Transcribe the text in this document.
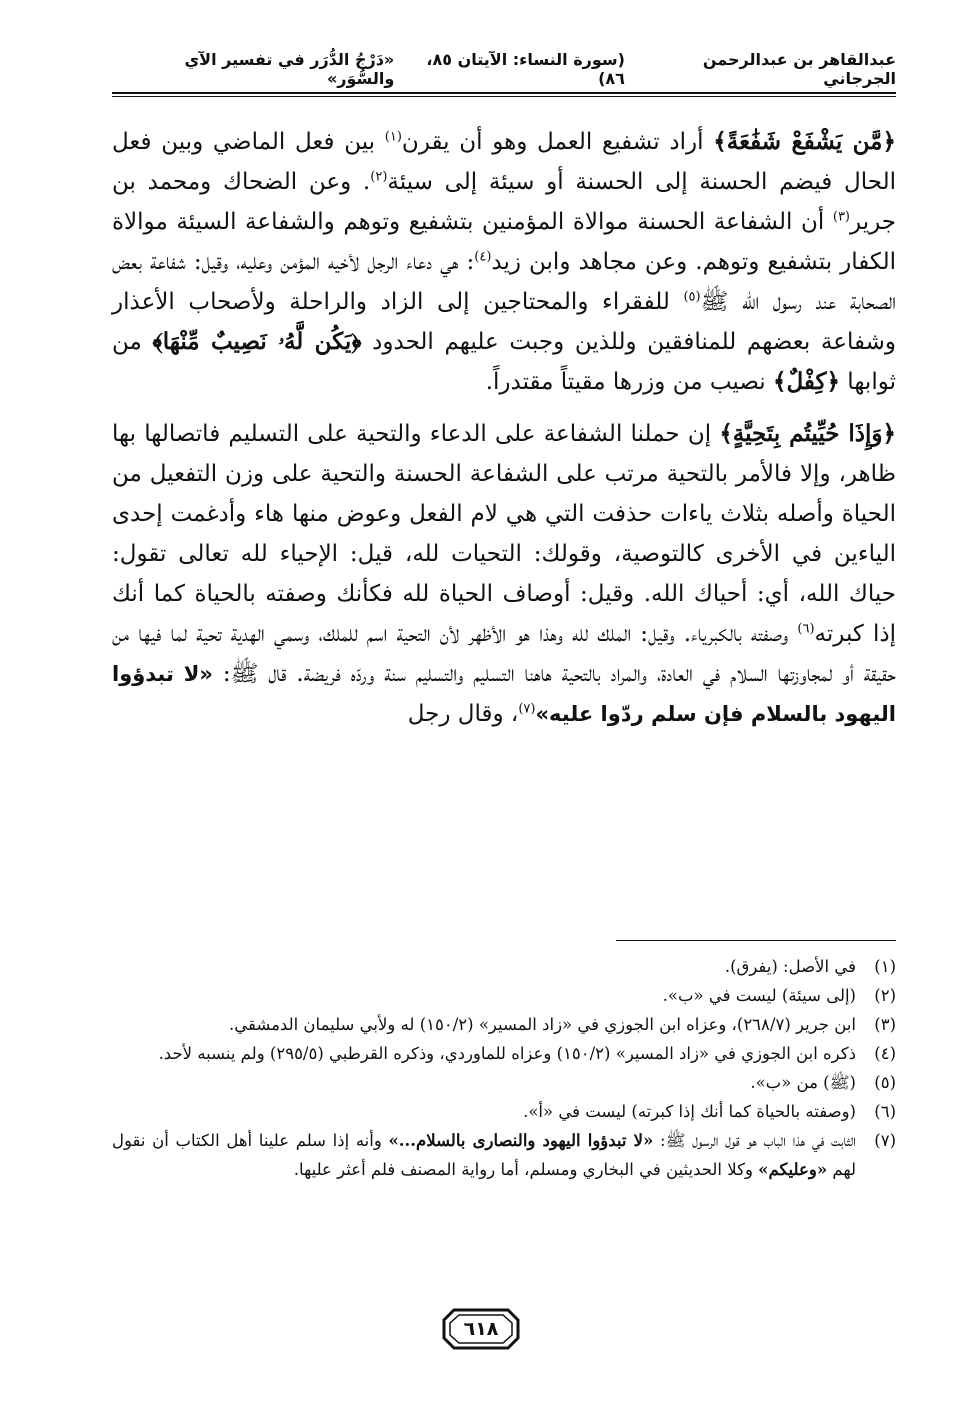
عبدالقاهر بن عبدالرحمن الجرجاني
(سورة النساء: الآيتان ٨٥، ٨٦)
«دَرْجُ الدُّرَر في تفسير الآي والسُّوَر»

﴿مَّن يَشْفَعْ شَفَٰعَةً﴾ أراد تشفيع العمل وهو أن يقرن$^{(١)}$ بين فعل الماضي وبين فعل الحال فيضم الحسنة إلى الحسنة أو سيئة إلى سيئة$^{(٢)}$. وعن الضحاك ومحمد بن جرير$^{(٣)}$ أن الشفاعة الحسنة موالاة المؤمنين بتشفيع وتوهم والشفاعة السيئة موالاة الكفار بتشفيع وتوهم. وعن مجاهد وابن زيد$^{(٤)}$: هي دعاء الرجل لأخيه المؤمن وعليه، وقيل: شفاعة بعض الصحابة عند رسول الله ﷺ$^{(٥)}$ للفقراء والمحتاجين إلى الزاد والراحلة ولأصحاب الأعذار وشفاعة بعضهم للمنافقين وللذين وجبت عليهم الحدود ﴿يَكُن لَّهُۥ نَصِيبٌ مِّنْهَا﴾ من ثوابها ﴿كِفْلٌ﴾ نصيب من وزرها مقيتاً مقتدراً.

﴿وَإِذَا حُيِّيتُم بِتَحِيَّةٍ﴾ إن حملنا الشفاعة على الدعاء والتحية على التسليم فاتصالها بها ظاهر، وإلا فالأمر بالتحية مرتب على الشفاعة الحسنة والتحية على وزن التفعيل من الحياة وأصله بثلاث ياءات حذفت التي هي لام الفعل وعوض منها هاء وأدغمت إحدى الياءين في الأخرى كالتوصية، وقولك: التحيات لله، قيل: الإحياء لله تعالى تقول: حياك الله، أي: أحياك الله. وقيل: أوصاف الحياة لله فكأنك وصفته بالحياة كما أنك إذا كبرته$^{(٦)}$ وصفته بالكبرياء. وقيل: الملك لله وهذا هو الأظهر لأن التحية اسم للملك، وسمي الهدية تحية لما فيها من حقيقة أو لمجاوزتها السلام في العادة، والمراد بالتحية هاهنا التسليم والتسليم سنة وردّه فريضة. قال ﷺ: «لا تبدؤوا اليهود بالسلام فإن سلم ردّوا عليه»$^{(٧)}$، وقال رجل

(١)
في الأصل: (يفرق).
(٢)
(إلى سيئة) ليست في «ب».
(٣)
ابن جرير (٢٦٨/٧)، وعزاه ابن الجوزي في «زاد المسير» (١٥٠/٢) له ولأبي سليمان الدمشقي.
(٤)
ذكره ابن الجوزي في «زاد المسير» (١٥٠/٢) وعزاه للماوردي، وذكره القرطبي (٢٩٥/٥) ولم ينسبه لأحد.
(٥)
(ﷺ) من «ب».
(٦)
(وصفته بالحياة كما أنك إذا كبرته) ليست في «أ».
(٧)
الثابت في هذا الباب هو قول الرسول ﷺ: «لا تبدؤوا اليهود والنصارى بالسلام...» وأنه إذا سلم علينا أهل الكتاب أن نقول لهم «وعليكم» وكلا الحديثين في البخاري ومسلم، أما رواية المصنف فلم أعثر عليها.
٦١٨
